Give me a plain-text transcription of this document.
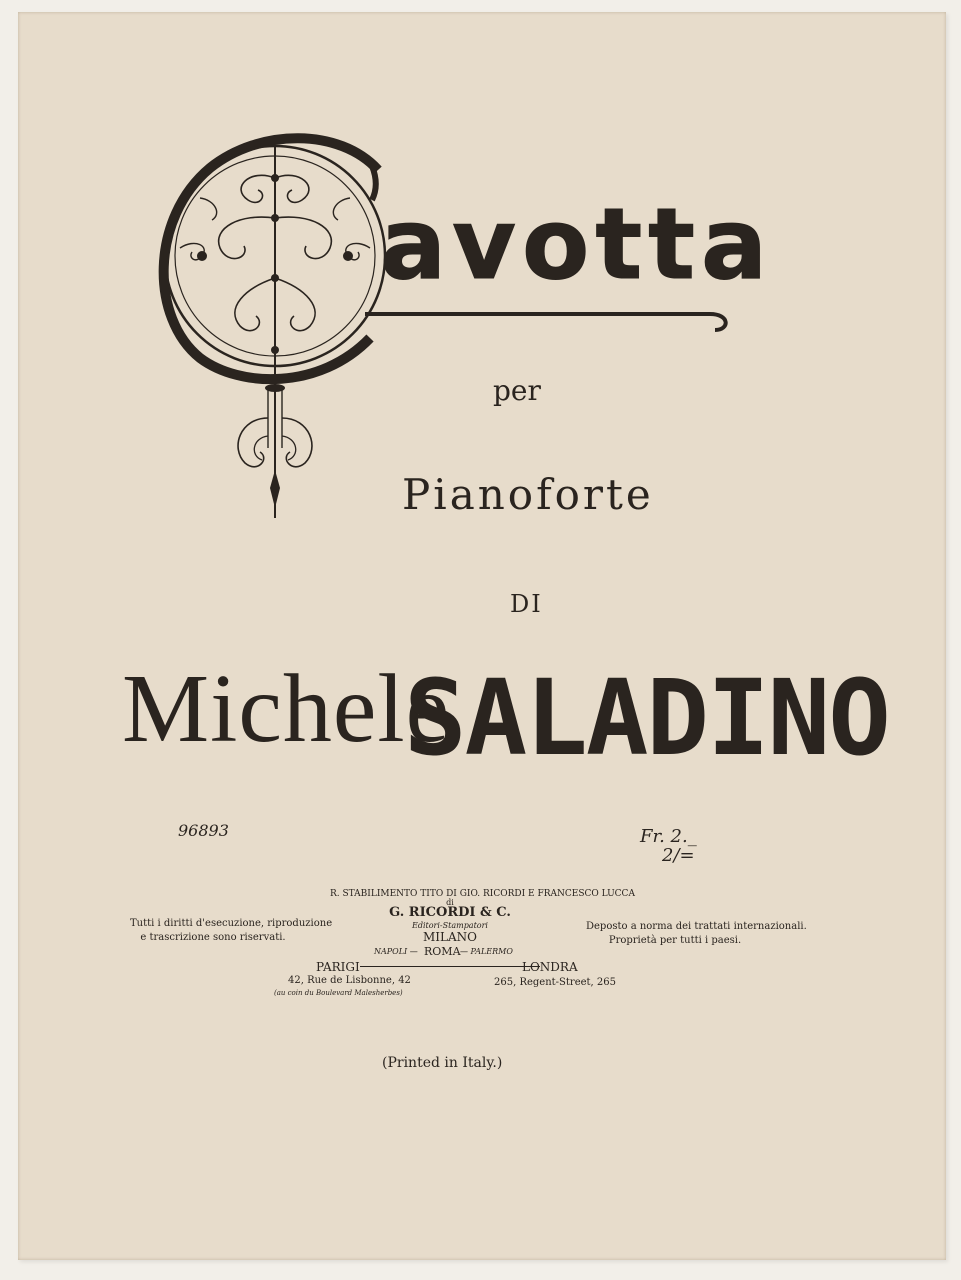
avotta
per
Pianoforte
DI
Michele
SALADINO
96893	Fr. 2._
2/=
Tutti i diritti d'esecuzione, riproduzione
e trascrizione sono riservati.
R. STABILIMENTO TITO DI GIO. RICORDI E FRANCESCO LUCCA
di
G. RICORDI & C.
Editori-Stampatori
MILANO
NAPOLI — ROMA — PALERMO
PARIGI
42, Rue de Lisbonne, 42
(au coin du Boulevard Malesherbes)
LONDRA
265, Regent-Street, 265
Deposto a norma dei trattati internazionali.
Proprietà per tutti i paesi.
(Printed in Italy.)
